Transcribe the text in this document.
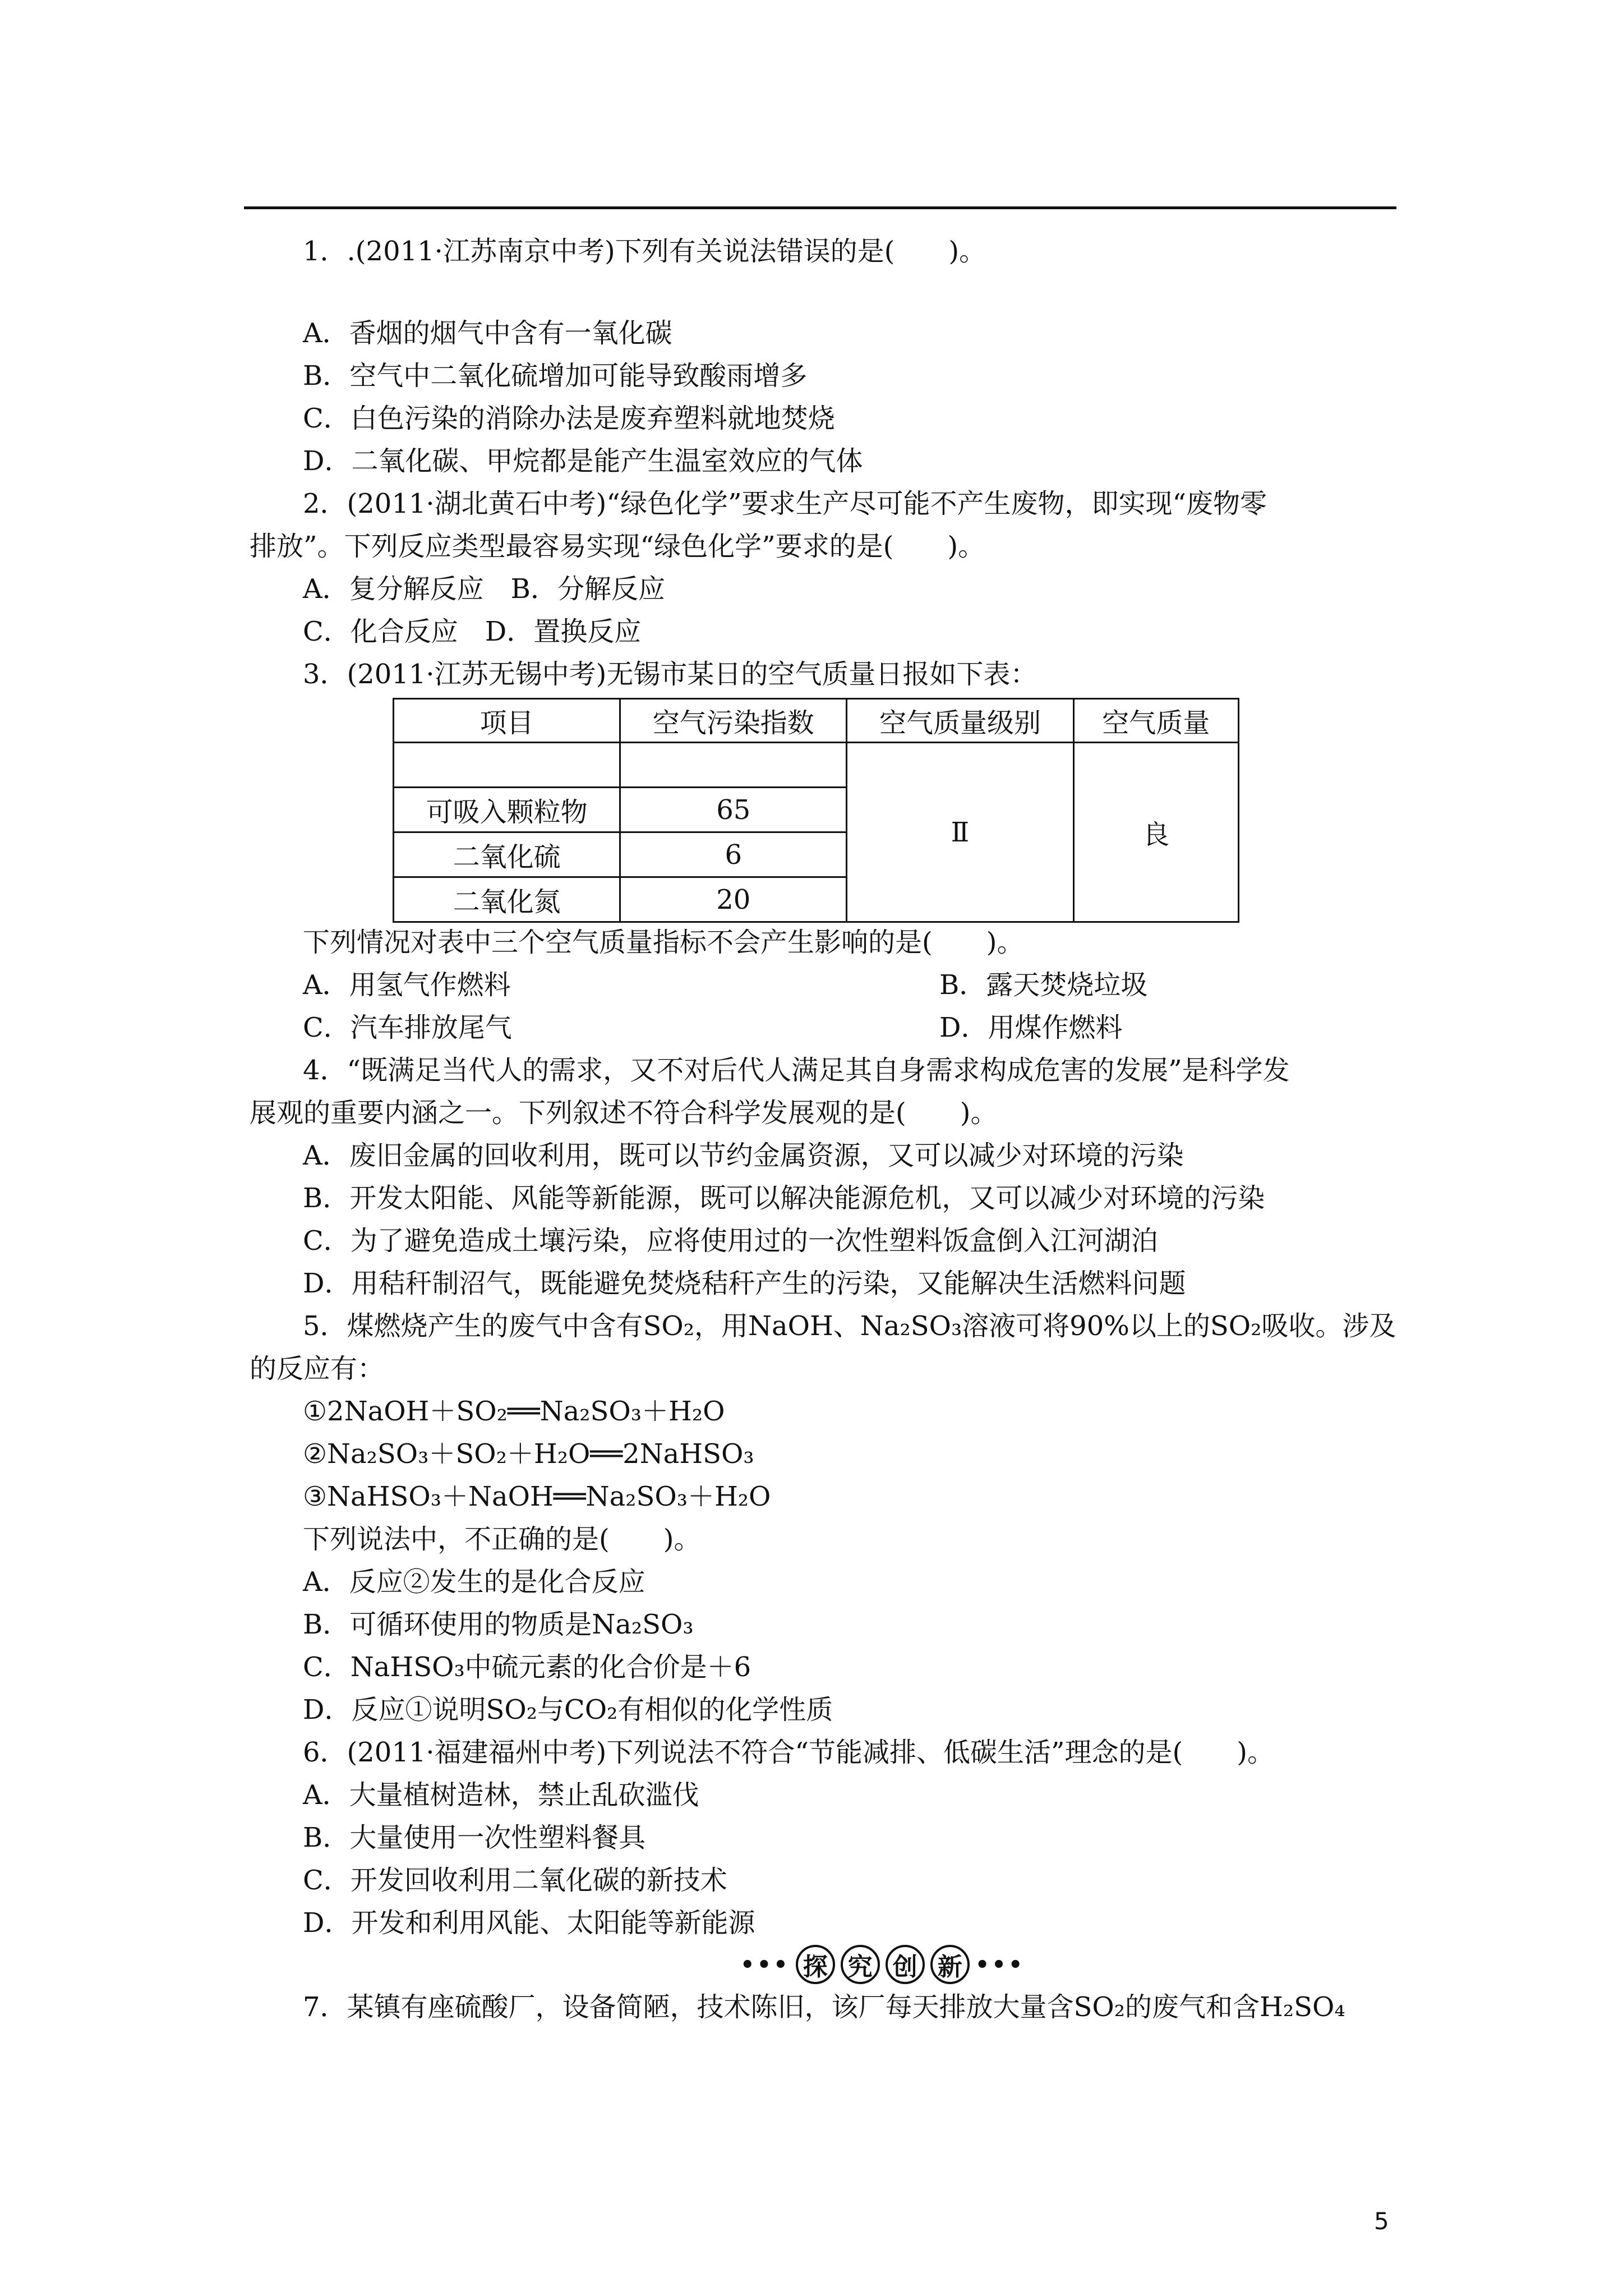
1．.(2011·江苏南京中考)下列有关说法错误的是(　　)。
A．香烟的烟气中含有一氧化碳
B．空气中二氧化硫增加可能导致酸雨增多
C．白色污染的消除办法是废弃塑料就地焚烧
D．二氧化碳、甲烷都是能产生温室效应的气体
2．(2011·湖北黄石中考)“绿色化学”要求生产尽可能不产生废物，即实现“废物零
排放”。下列反应类型最容易实现“绿色化学”要求的是(　　)。
A．复分解反应　B．分解反应
C．化合反应　D．置换反应
3．(2011·江苏无锡中考)无锡市某日的空气质量日报如下表：
下列情况对表中三个空气质量指标不会产生影响的是(　　)。
A．用氢气作燃料	B．露天焚烧垃圾
C．汽车排放尾气	D．用煤作燃料
4．“既满足当代人的需求，又不对后代人满足其自身需求构成危害的发展”是科学发
展观的重要内涵之一。下列叙述不符合科学发展观的是(　　)。
A．废旧金属的回收利用，既可以节约金属资源，又可以减少对环境的污染
B．开发太阳能、风能等新能源，既可以解决能源危机，又可以减少对环境的污染
C．为了避免造成土壤污染，应将使用过的一次性塑料饭盒倒入江河湖泊
D．用秸秆制沼气，既能避免焚烧秸秆产生的污染，又能解决生活燃料问题
5．煤燃烧产生的废气中含有SO₂，用NaOH、Na₂SO₃溶液可将90%以上的SO₂吸收。涉及
的反应有：
①2NaOH＋SO₂══Na₂SO₃＋H₂O
②Na₂SO₃＋SO₂＋H₂O══2NaHSO₃
③NaHSO₃＋NaOH══Na₂SO₃＋H₂O
下列说法中，不正确的是(　　)。
A．反应②发生的是化合反应
B．可循环使用的物质是Na₂SO₃
C．NaHSO₃中硫元素的化合价是＋6
D．反应①说明SO₂与CO₂有相似的化学性质
6．(2011·福建福州中考)下列说法不符合“节能减排、低碳生活”理念的是(　　)。
A．大量植树造林，禁止乱砍滥伐
B．大量使用一次性塑料餐具
C．开发回收利用二氧化碳的新技术
D．开发和利用风能、太阳能等新能源
7．某镇有座硫酸厂，设备简陋，技术陈旧，该厂每天排放大量含SO₂的废气和含H₂SO₄
项目	空气污染指数	空气质量级别	空气质量
		Ⅱ	良
可吸入颗粒物	65		
二氧化硫	6		
二氧化氮	20		
••• 探 究 创 新 •••
5
